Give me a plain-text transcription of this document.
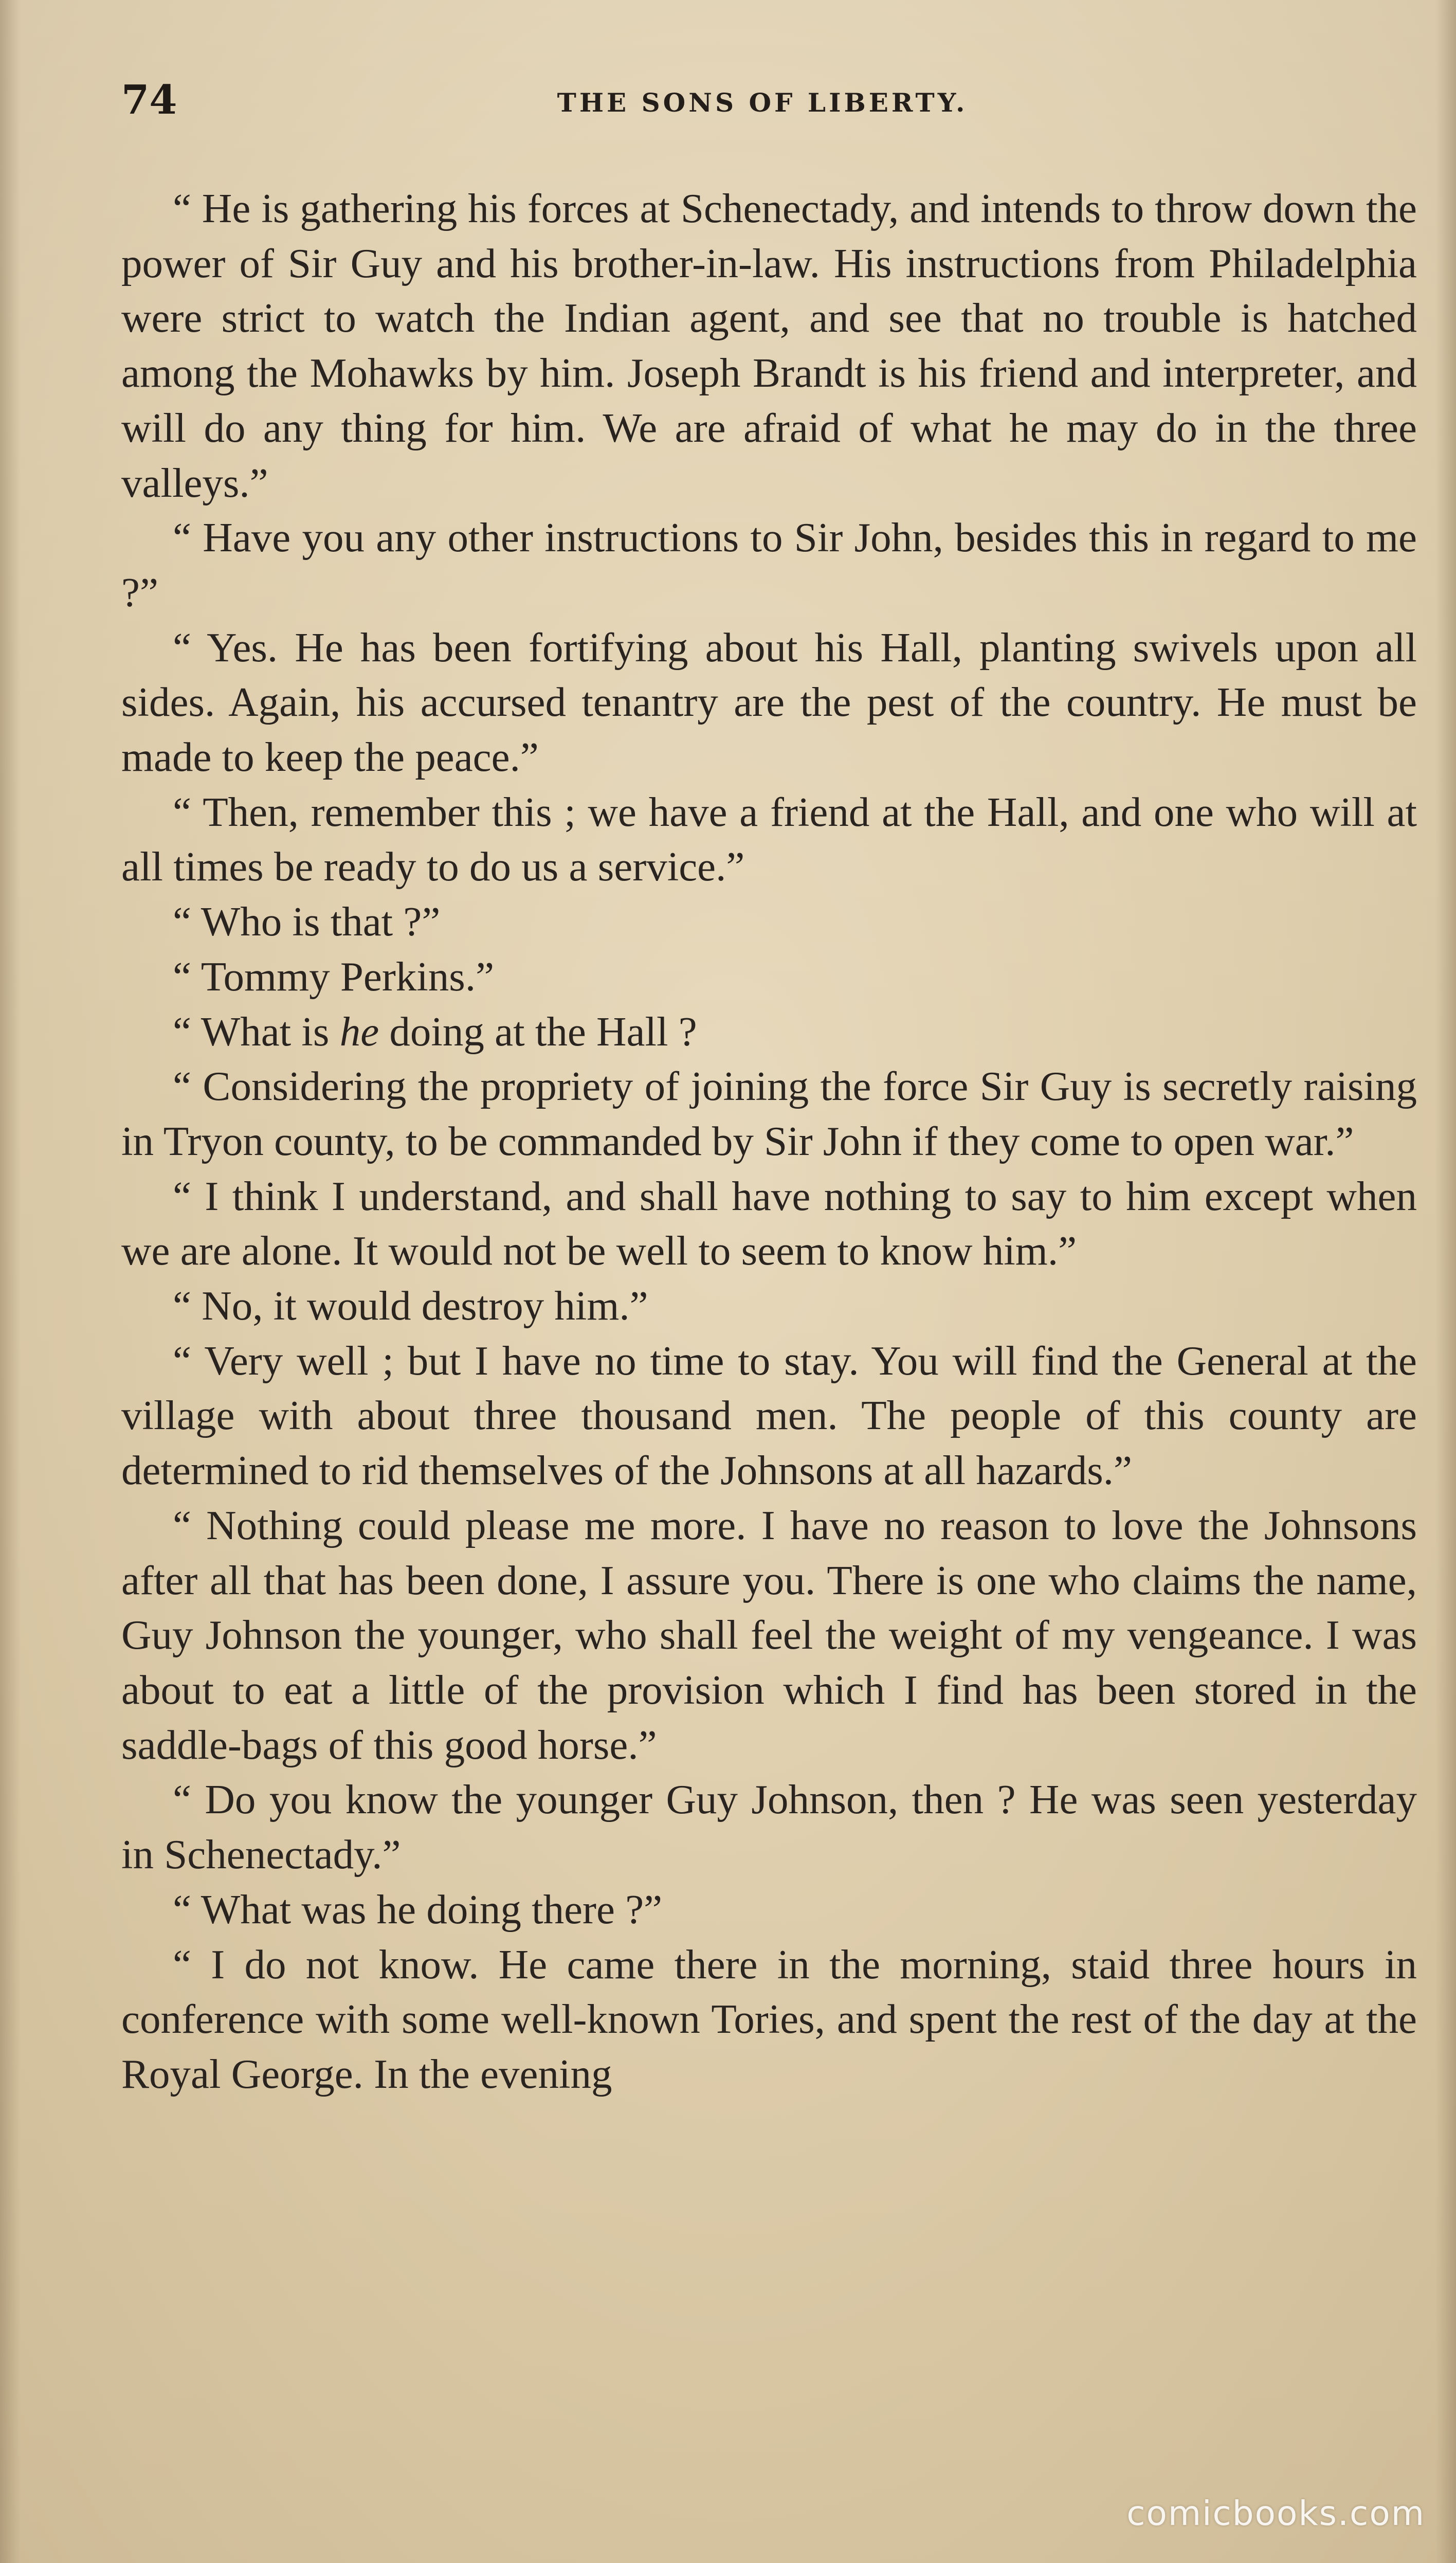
74	THE SONS OF LIBERTY.

“ He is gathering his forces at Schenectady, and intends to throw down the power of Sir Guy and his brother-in-law. His instructions from Philadelphia were strict to watch the Indian agent, and see that no trouble is hatched among the Mohawks by him. Joseph Brandt is his friend and interpreter, and will do any thing for him. We are afraid of what he may do in the three valleys.”

“ Have you any other instructions to Sir John, besides this in regard to me ?”

“ Yes. He has been fortifying about his Hall, planting swivels upon all sides. Again, his accursed tenantry are the pest of the country. He must be made to keep the peace.”

“ Then, remember this ; we have a friend at the Hall, and one who will at all times be ready to do us a service.”

“ Who is that ?”

“ Tommy Perkins.”

“ What is he doing at the Hall ?

“ Considering the propriety of joining the force Sir Guy is secretly raising in Tryon county, to be commanded by Sir John if they come to open war.”

“ I think I understand, and shall have nothing to say to him except when we are alone. It would not be well to seem to know him.”

“ No, it would destroy him.”

“ Very well ; but I have no time to stay. You will find the General at the village with about three thousand men. The people of this county are determined to rid themselves of the Johnsons at all hazards.”

“ Nothing could please me more. I have no reason to love the Johnsons after all that has been done, I assure you. There is one who claims the name, Guy Johnson the younger, who shall feel the weight of my vengeance. I was about to eat a little of the provision which I find has been stored in the saddle-bags of this good horse.”

“ Do you know the younger Guy Johnson, then ? He was seen yesterday in Schenectady.”

“ What was he doing there ?”

“ I do not know. He came there in the morning, staid three hours in conference with some well-known Tories, and spent the rest of the day at the Royal George. In the evening

comicbooks.com
